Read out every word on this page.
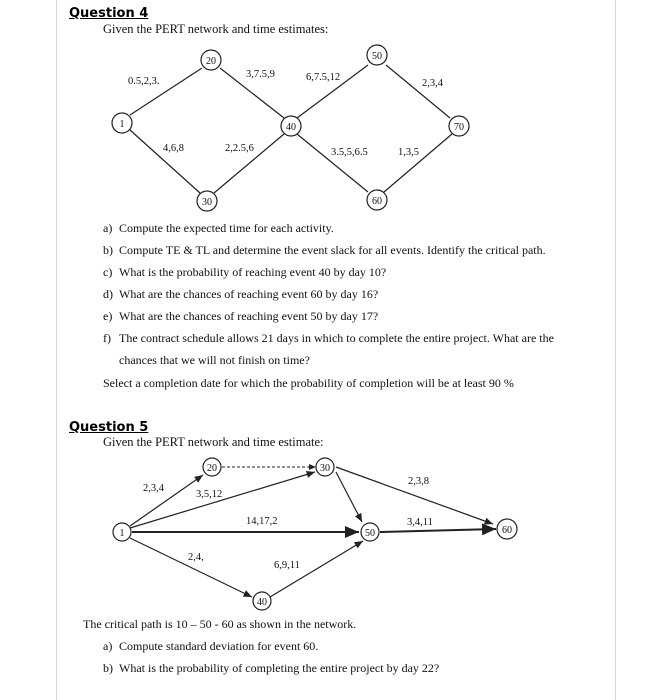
Question 4
Given the PERT network and time estimates:
0.5,2,3.
3,7.5,9	6,7.5,12
2,3,4
4,6,8	2,2.5,6	3.5,5,6.5	1,3,5
1
20
30
40
50
60
70
2,3,4
3,5,12
14,17,2
2,3,8
3,4,11
2,4,
6,9,11
1
20	30
40
50	60
a) Compute the expected time for each activity.
b) Compute TE & TL and determine the event slack for all events. Identify the critical path.
c) What is the probability of reaching event 40 by day 10?
d) What are the chances of reaching event 60 by day 16?
e) What are the chances of reaching event 50 by day 17?
f) The contract schedule allows 21 days in which to complete the entire project. What are the
chances that we will not finish on time?
Select a completion date for which the probability of completion will be at least 90 %
Question 5
Given the PERT network and time estimate:
The critical path is 10 – 50 - 60 as shown in the network.
a) Compute standard deviation for event 60.
b) What is the probability of completing the entire project by day 22?
